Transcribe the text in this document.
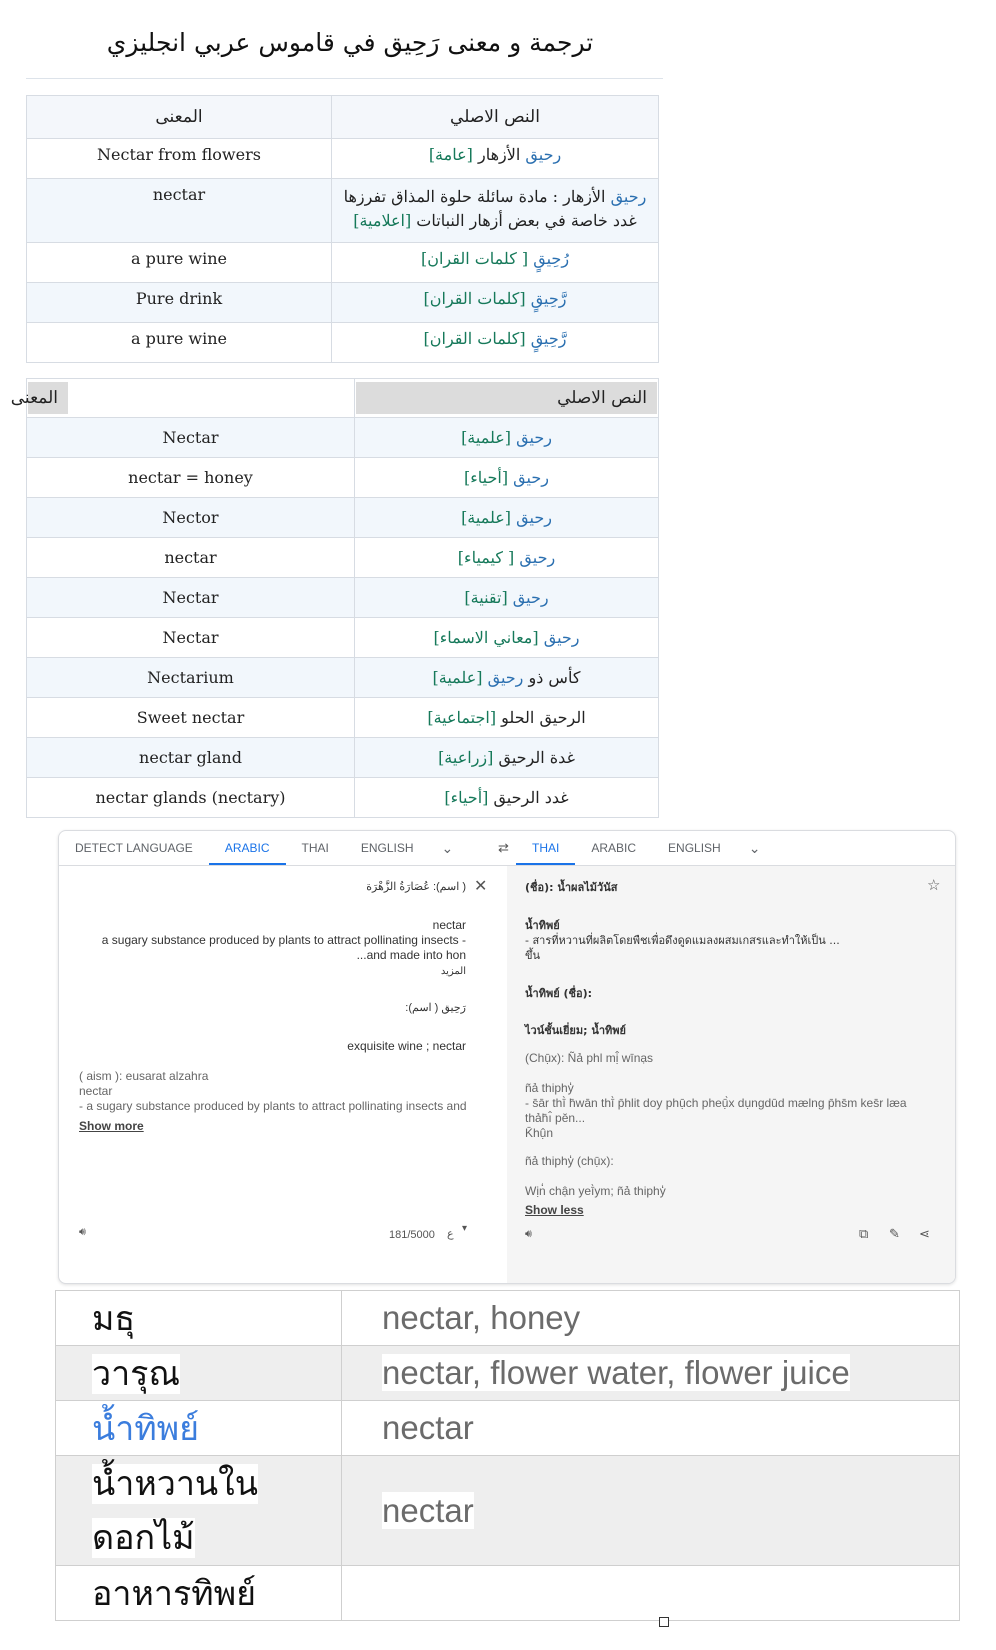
ترجمة و معنى رَحِيق في قاموس عربي انجليزي
المعنى	النص الاصلي
Nectar from flowers	رحيق الأزهار [عامة]
nectar	رحيق الأزهار : مادة سائلة حلوة المذاق تفرزها غدد خاصة في بعض أزهار النباتات [اعلامية]
a pure wine	رُحِيقٍ [ كلمات القران]
Pure drink	رَّحِيقٍ [كلمات القران]
a pure wine	رَّحِيقٍ [كلمات القران]
المعنى	النص الاصلي

Nectar	رحيق [علمية]
nectar = honey	رحيق [أحياء]
Nector	رحيق [علمية]
nectar	رحيق [ كيمياء]
Nectar	رحيق [تقنية]
Nectar	رحيق [معاني الاسماء]
Nectarium	كأس ذو رحيق [علمية]
Sweet nectar	الرحيق الحلو [اجتماعية]
nectar gland	غدة الرحيق [زراعية]
nectar glands (nectary)	غدد الرحيق [أحياء]
DETECT LANGUAGE	ARABIC	THAI	ENGLISH	⌄	⇄	THAI	ARABIC	ENGLISH	⌄
✕
( اسم): عُصَارَةُ الزَّهْرَة
nectar
a sugary substance produced by plants to attract pollinating insects -
...and made into hon
المزيد
رَحِيق ( اسم):
exquisite wine ; nectar
( aism ): eusarat alzahra
nectar
- a sugary substance produced by plants to attract pollinating insects and
Show more
🔊︎	181/5000 ع ▾
☆
(ชื่อ): น้ำผลไม้วันัส
น้ำทิพย์
- สารที่หวานที่ผลิตโดยพืชเพื่อดึงดูดแมลงผสมเกสรและทำให้เป็น ...
ขึ้น
น้ำทิพย์ (ชื่อ):
ไวน์ชั้นเยี่ยม; น้ำทิพย์
(Chụ̄x): Ñả phl mị̂ wīnạs
ñả thiphy̒
- s̄ār thī̀ h̄wān thī̀ p̄hlit doy phụ̄ch pheụ̄̀x dụngdūd mælng p̄hs̄m kes̄r læa thảh̄ı̂ pĕn...
K̄hụ̂n
ñả thiphy̒ (chụ̄x):
Wịn̒ chận yeī̀ym; ñả thiphy̒
Show less
🔊︎	⧉ ✎ ⋖
มธุ	nectar, honey
วารุณ	nectar, flower water, flower juice
น้ำทิพย์	nectar
น้ำหวานใน
ดอกไม้	nectar
อาหารทิพย์	
